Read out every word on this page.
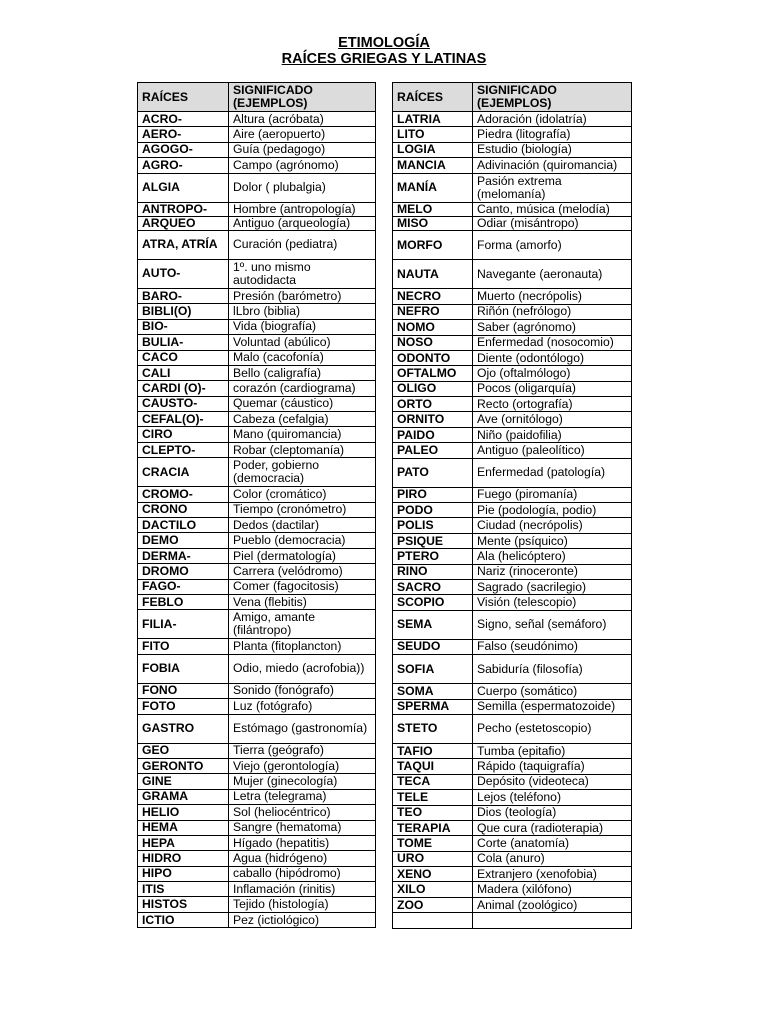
ETIMOLOGÍA
RAÍCES GRIEGAS Y LATINAS
RAÍCES	SIGNIFICADO (EJEMPLOS)
ACRO-	Altura (acróbata)
AERO-	Aire (aeropuerto)
AGOGO-	Guía (pedagogo)
AGRO-	Campo (agrónomo)
ALGIA	Dolor ( plubalgia)
ANTROPO-	Hombre (antropología)
ARQUEO	Antiguo (arqueología)
ATRA, ATRÍA	Curación (pediatra)
AUTO-	1º. uno mismo autodidacta
BARO-	Presión (barómetro)
BIBLI(O)	lLbro (biblia)
BIO-	Vida (biografía)
BULIA-	Voluntad (abúlico)
CACO	Malo (cacofonía)
CALI	Bello (caligrafía)
CARDI (O)-	corazón (cardiograma)
CAUSTO-	Quemar (cáustico)
CEFAL(O)-	Cabeza (cefalgia)
CIRO	Mano (quiromancia)
CLEPTO-	Robar (cleptomanía)
CRACIA	Poder, gobierno (democracia)
CROMO-	Color (cromático)
CRONO	Tiempo (cronómetro)
DACTILO	Dedos (dactilar)
DEMO	Pueblo (democracia)
DERMA-	Piel (dermatología)
DROMO	Carrera (velódromo)
FAGO-	Comer (fagocitosis)
FEBLO	Vena (flebitis)
FILIA-	Amigo, amante (filántropo)
FITO	Planta (fitoplancton)
FOBIA	Odio, miedo (acrofobia))
FONO	Sonido (fonógrafo)
FOTO	Luz (fotógrafo)
GASTRO	Estómago (gastronomía)
GEO	Tierra (geógrafo)
GERONTO	Viejo (gerontología)
GINE	Mujer (ginecología)
GRAMA	Letra (telegrama)
HELIO	Sol (heliocéntrico)
HEMA	Sangre (hematoma)
HEPA	Hígado (hepatitis)
HIDRO	Agua (hidrógeno)
HIPO	caballo (hipódromo)
ITIS	Inflamación (rinitis)
HISTOS	Tejido (histología)
ICTIO	Pez (ictiológico)
RAÍCES	SIGNIFICADO (EJEMPLOS)
LATRIA	Adoración (idolatría)
LITO	Piedra (litografía)
LOGIA	Estudio (biología)
MANCIA	Adivinación (quiromancia)
MANÍA	Pasión extrema (melomanía)
MELO	Canto, música (melodía)
MISO	Odiar (misántropo)
MORFO	Forma (amorfo)
NAUTA	Navegante (aeronauta)
NECRO	Muerto (necrópolis)
NEFRO	Riñón (nefrólogo)
NOMO	Saber (agrónomo)
NOSO	Enfermedad (nosocomio)
ODONTO	Diente (odontólogo)
OFTALMO	Ojo (oftalmólogo)
OLIGO	Pocos (oligarquía)
ORTO	Recto (ortografía)
ORNITO	Ave (ornitólogo)
PAIDO	Niño (paidofilia)
PALEO	Antiguo (paleolítico)
PATO	Enfermedad (patología)
PIRO	Fuego (piromanía)
PODO	Pie (podología, podio)
POLIS	Ciudad (necrópolis)
PSIQUE	Mente (psíquico)
PTERO	Ala (helicóptero)
RINO	Nariz (rinoceronte)
SACRO	Sagrado (sacrilegio)
SCOPIO	Visión (telescopio)
SEMA	Signo, señal (semáforo)
SEUDO	Falso (seudónimo)
SOFIA	Sabiduría (filosofía)
SOMA	Cuerpo (somático)
SPERMA	Semilla (espermatozoide)
STETO	Pecho (estetoscopio)
TAFIO	Tumba (epitafio)
TAQUI	Rápido (taquigrafía)
TECA	Depósito (videoteca)
TELE	Lejos (teléfono)
TEO	Dios (teología)
TERAPIA	Que cura (radioterapia)
TOME	Corte (anatomía)
URO	Cola (anuro)
XENO	Extranjero (xenofobia)
XILO	Madera (xilófono)
ZOO	Animal (zoológico)
